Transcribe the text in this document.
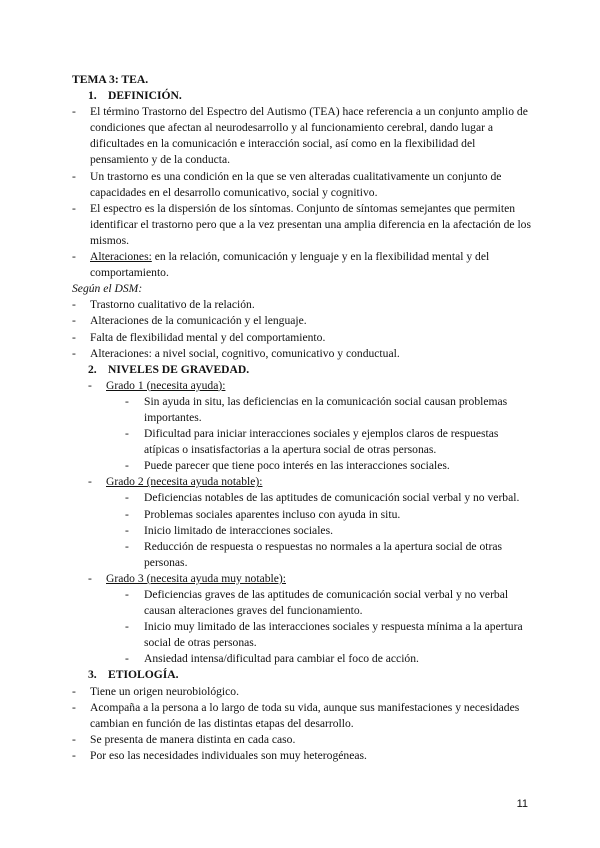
TEMA 3: TEA.
1. DEFINICIÓN.
-	El término Trastorno del Espectro del Autismo (TEA) hace referencia a un conjunto amplio de condiciones que afectan al neurodesarrollo y al funcionamiento cerebral, dando lugar a dificultades en la comunicación e interacción social, así como en la flexibilidad del pensamiento y de la conducta.
-	Un trastorno es una condición en la que se ven alteradas cualitativamente un conjunto de capacidades en el desarrollo comunicativo, social y cognitivo.
-	El espectro es la dispersión de los síntomas. Conjunto de síntomas semejantes que permiten identificar el trastorno pero que a la vez presentan una amplia diferencia en la afectación de los mismos.
-	Alteraciones: en la relación, comunicación y lenguaje y en la flexibilidad mental y del comportamiento.
Según el DSM:
-	Trastorno cualitativo de la relación.
-	Alteraciones de la comunicación y el lenguaje.
-	Falta de flexibilidad mental y del comportamiento.
-	Alteraciones: a nivel social, cognitivo, comunicativo y conductual.
2. NIVELES DE GRAVEDAD.
-	Grado 1 (necesita ayuda):
-	Sin ayuda in situ, las deficiencias en la comunicación social causan problemas importantes.
-	Dificultad para iniciar interacciones sociales y ejemplos claros de respuestas atípicas o insatisfactorias a la apertura social de otras personas.
-	Puede parecer que tiene poco interés en las interacciones sociales.
-	Grado 2 (necesita ayuda notable):
-	Deficiencias notables de las aptitudes de comunicación social verbal y no verbal.
-	Problemas sociales aparentes incluso con ayuda in situ.
-	Inicio limitado de interacciones sociales.
-	Reducción de respuesta o respuestas no normales a la apertura social de otras personas.
-	Grado 3 (necesita ayuda muy notable):
-	Deficiencias graves de las aptitudes de comunicación social verbal y no verbal causan alteraciones graves del funcionamiento.
-	Inicio muy limitado de las interacciones sociales y respuesta mínima a la apertura social de otras personas.
-	Ansiedad intensa/dificultad para cambiar el foco de acción.
3. ETIOLOGÍA.
-	Tiene un origen neurobiológico.
-	Acompaña a la persona a lo largo de toda su vida, aunque sus manifestaciones y necesidades cambian en función de las distintas etapas del desarrollo.
-	Se presenta de manera distinta en cada caso.
-	Por eso las necesidades individuales son muy heterogéneas.
11
